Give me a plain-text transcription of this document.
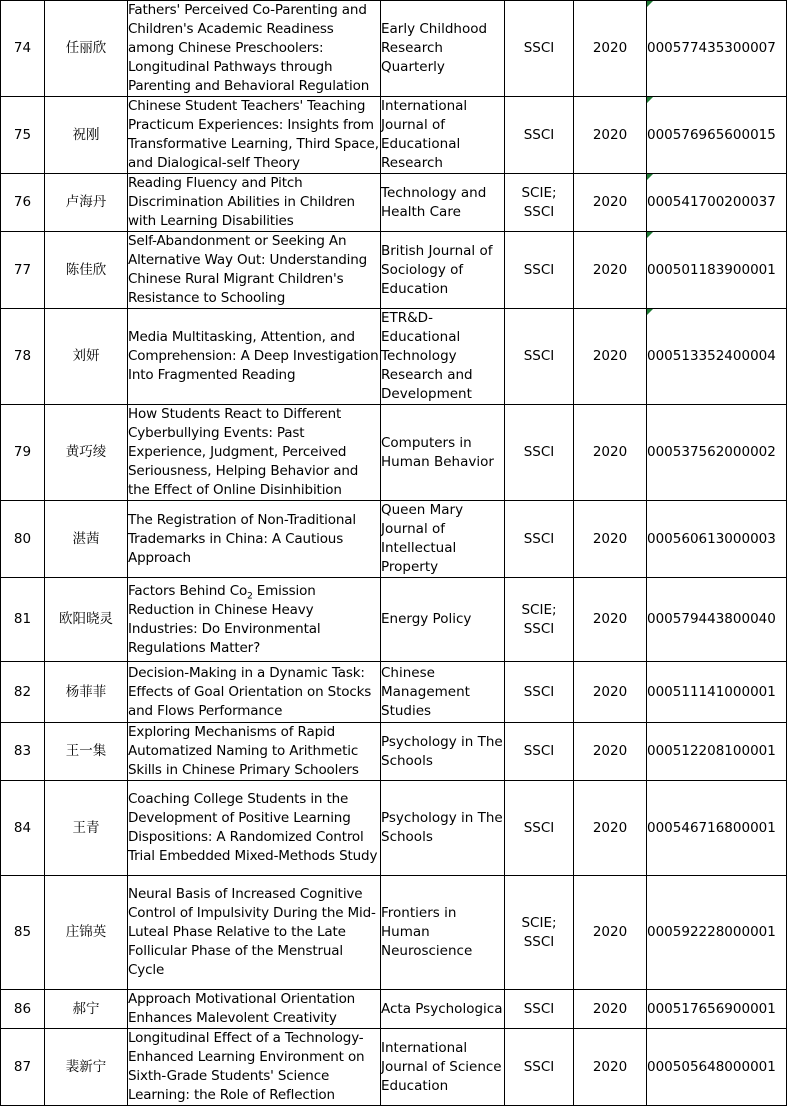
74	任丽欣	Fathers' Perceived Co-Parenting and Children's Academic Readiness among Chinese Preschoolers: Longitudinal Pathways through Parenting and Behavioral Regulation	Early Childhood Research Quarterly	SSCI	2020	000577435300007

75	祝刚	Chinese Student Teachers' Teaching Practicum Experiences: Insights from Transformative Learning, Third Space, and Dialogical-self Theory	International Journal of Educational Research	SSCI	2020	000576965600015

76	卢海丹	Reading Fluency and Pitch Discrimination Abilities in Children with Learning Disabilities	Technology and Health Care	SCIE; SSCI	2020	000541700200037

77	陈佳欣	Self-Abandonment or Seeking An Alternative Way Out: Understanding Chinese Rural Migrant Children's Resistance to Schooling	British Journal of Sociology of Education	SSCI	2020	000501183900001

78	刘妍	Media Multitasking, Attention, and Comprehension: A Deep Investigation Into Fragmented Reading	ETR&D-Educational Technology Research and Development	SSCI	2020	000513352400004

79	黄巧绫	How Students React to Different Cyberbullying Events: Past Experience, Judgment, Perceived Seriousness, Helping Behavior and the Effect of Online Disinhibition	Computers in Human Behavior	SSCI	2020	000537562000002

80	湛茜	The Registration of Non-Traditional Trademarks in China: A Cautious Approach	Queen Mary Journal of Intellectual Property	SSCI	2020	000560613000003

81	欧阳晓灵	Factors Behind $Co_2$ Emission Reduction in Chinese Heavy Industries: Do Environmental Regulations Matter?	Energy Policy	SCIE; SSCI	2020	000579443800040

82	杨菲菲	Decision-Making in a Dynamic Task: Effects of Goal Orientation on Stocks and Flows Performance	Chinese Management Studies	SSCI	2020	000511141000001

83	王一集	Exploring Mechanisms of Rapid Automatized Naming to Arithmetic Skills in Chinese Primary Schoolers	Psychology in The Schools	SSCI	2020	000512208100001

84	王青	Coaching College Students in the Development of Positive Learning Dispositions: A Randomized Control Trial Embedded Mixed-Methods Study	Psychology in The Schools	SSCI	2020	000546716800001

85	庄锦英	Neural Basis of Increased Cognitive Control of Impulsivity During the Mid-Luteal Phase Relative to the Late Follicular Phase of the Menstrual Cycle	Frontiers in Human Neuroscience	SCIE; SSCI	2020	000592228000001

86	郝宁	Approach Motivational Orientation Enhances Malevolent Creativity	Acta Psychologica	SSCI	2020	000517656900001

87	裴新宁	Longitudinal Effect of a Technology-Enhanced Learning Environment on Sixth-Grade Students' Science Learning: the Role of Reflection	International Journal of Science Education	SSCI	2020	000505648000001
